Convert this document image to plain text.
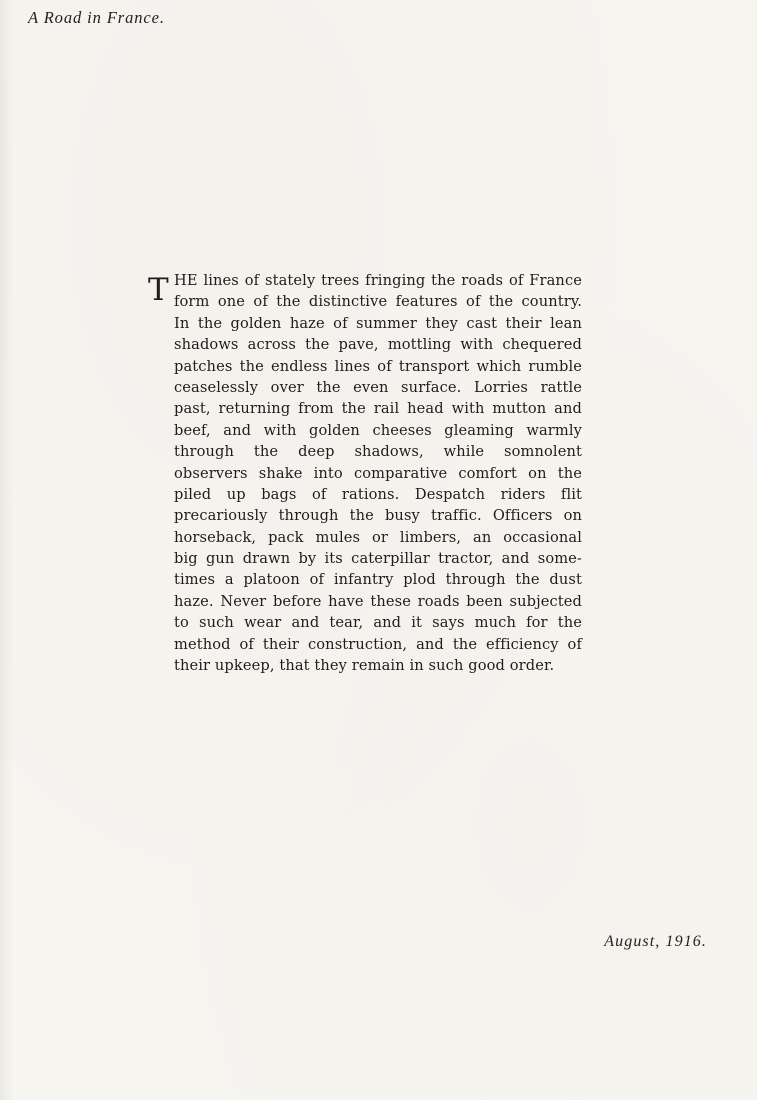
A Road in France.
T HE lines of stately trees fringing the roads of France
form one of the distinctive features of the country.
In the golden haze of summer they cast their lean
shadows across the pave, mottling with chequered
patches the endless lines of transport which rumble
ceaselessly over the even surface. Lorries rattle
past, returning from the rail head with mutton and
beef, and with golden cheeses gleaming warmly
through the deep shadows, while somnolent
observers shake into comparative comfort on the
piled up bags of rations. Despatch riders flit
precariously through the busy traffic. Officers on
horseback, pack mules or limbers, an occasional
big gun drawn by its caterpillar tractor, and some-
times a platoon of infantry plod through the dust
haze. Never before have these roads been subjected
to such wear and tear, and it says much for the
method of their construction, and the efficiency of
their upkeep, that they remain in such good order.
August, 1916.
